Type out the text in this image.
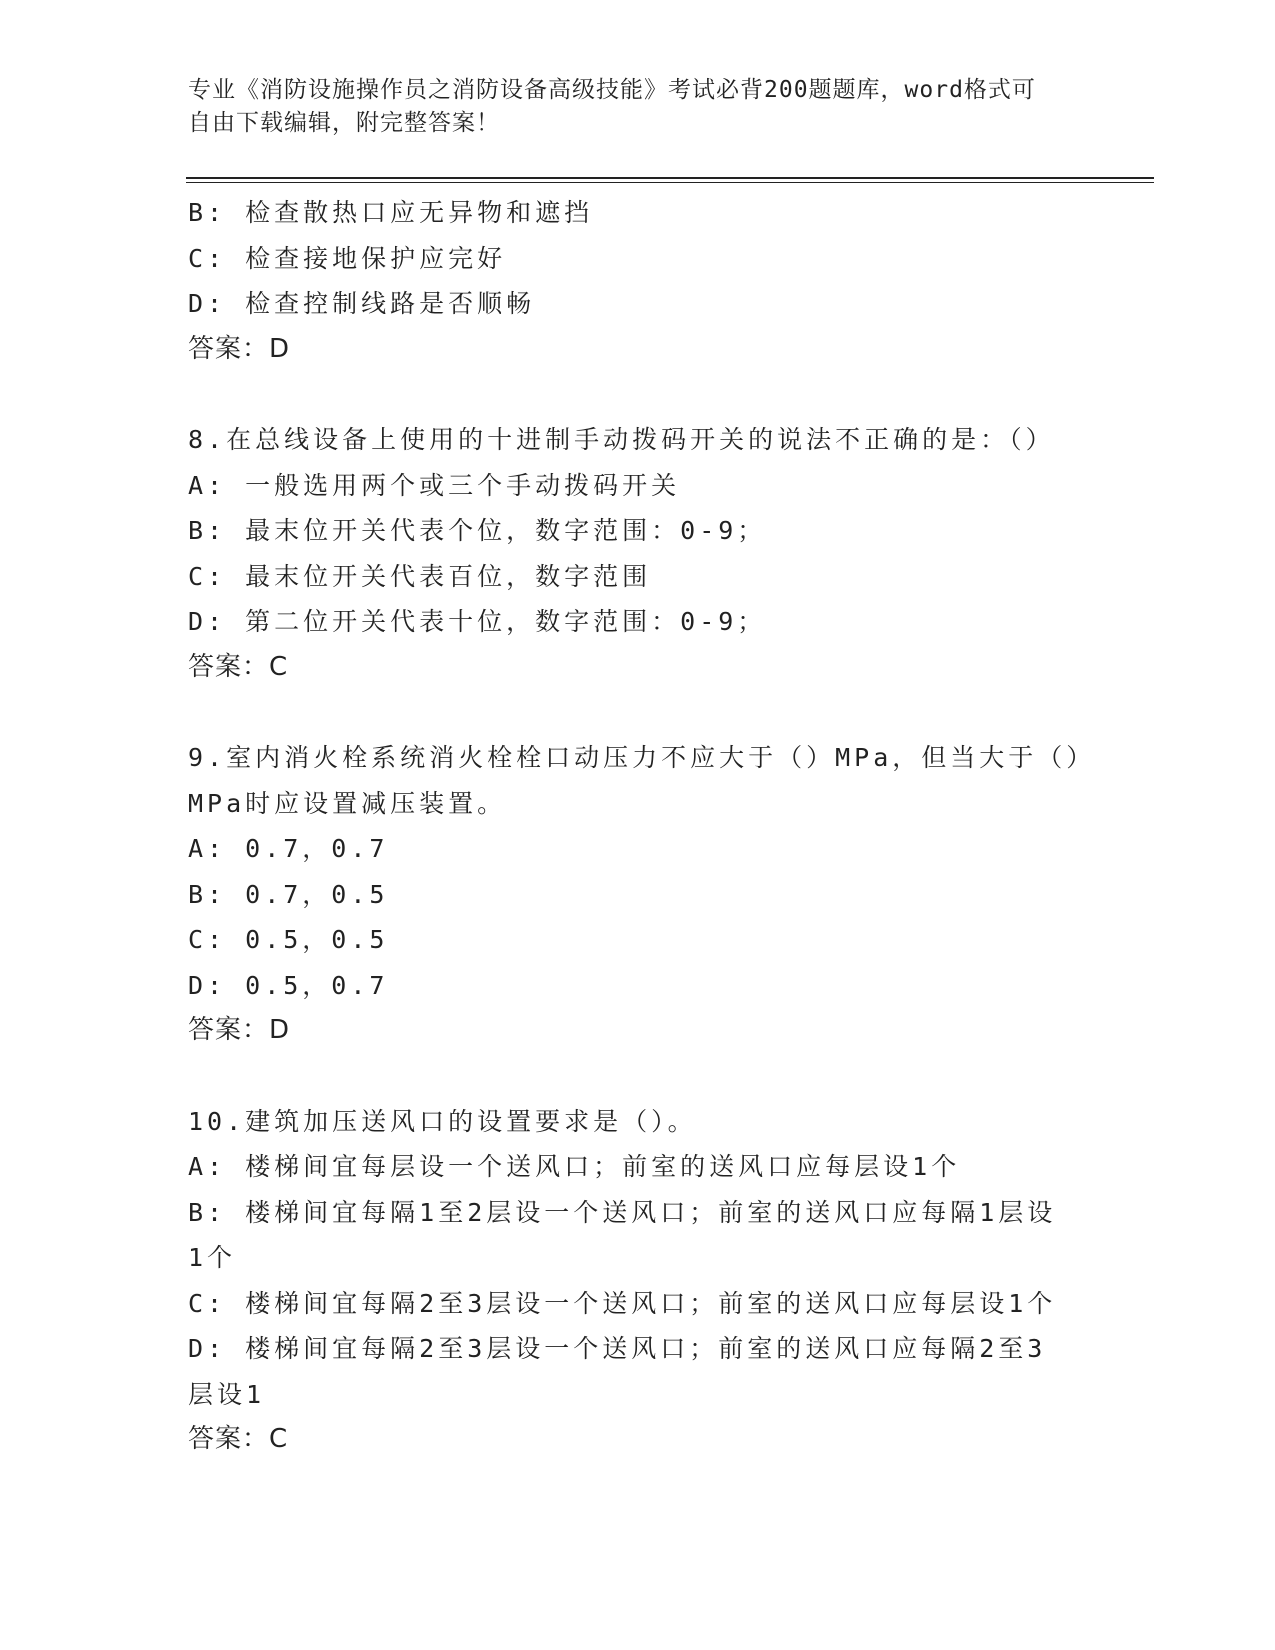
专业《消防设施操作员之消防设备高级技能》考试必背200题题库，word格式可
自由下载编辑，附完整答案！
B: 检查散热口应无异物和遮挡
C: 检查接地保护应完好
D: 检查控制线路是否顺畅
答案：D
8.在总线设备上使用的十进制手动拨码开关的说法不正确的是：（）
A: 一般选用两个或三个手动拨码开关
B: 最末位开关代表个位，数字范围：0-9；
C: 最末位开关代表百位，数字范围
D: 第二位开关代表十位，数字范围：0-9；
答案：C
9.室内消火栓系统消火栓栓口动压力不应大于（）MPa，但当大于（）
MPa时应设置减压装置。
A: 0.7，0.7
B: 0.7，0.5
C: 0.5，0.5
D: 0.5，0.7
答案：D
10.建筑加压送风口的设置要求是（）。
A: 楼梯间宜每层设一个送风口；前室的送风口应每层设1个
B: 楼梯间宜每隔1至2层设一个送风口；前室的送风口应每隔1层设
1个
C: 楼梯间宜每隔2至3层设一个送风口；前室的送风口应每层设1个
D: 楼梯间宜每隔2至3层设一个送风口；前室的送风口应每隔2至3
层设1
答案：C
